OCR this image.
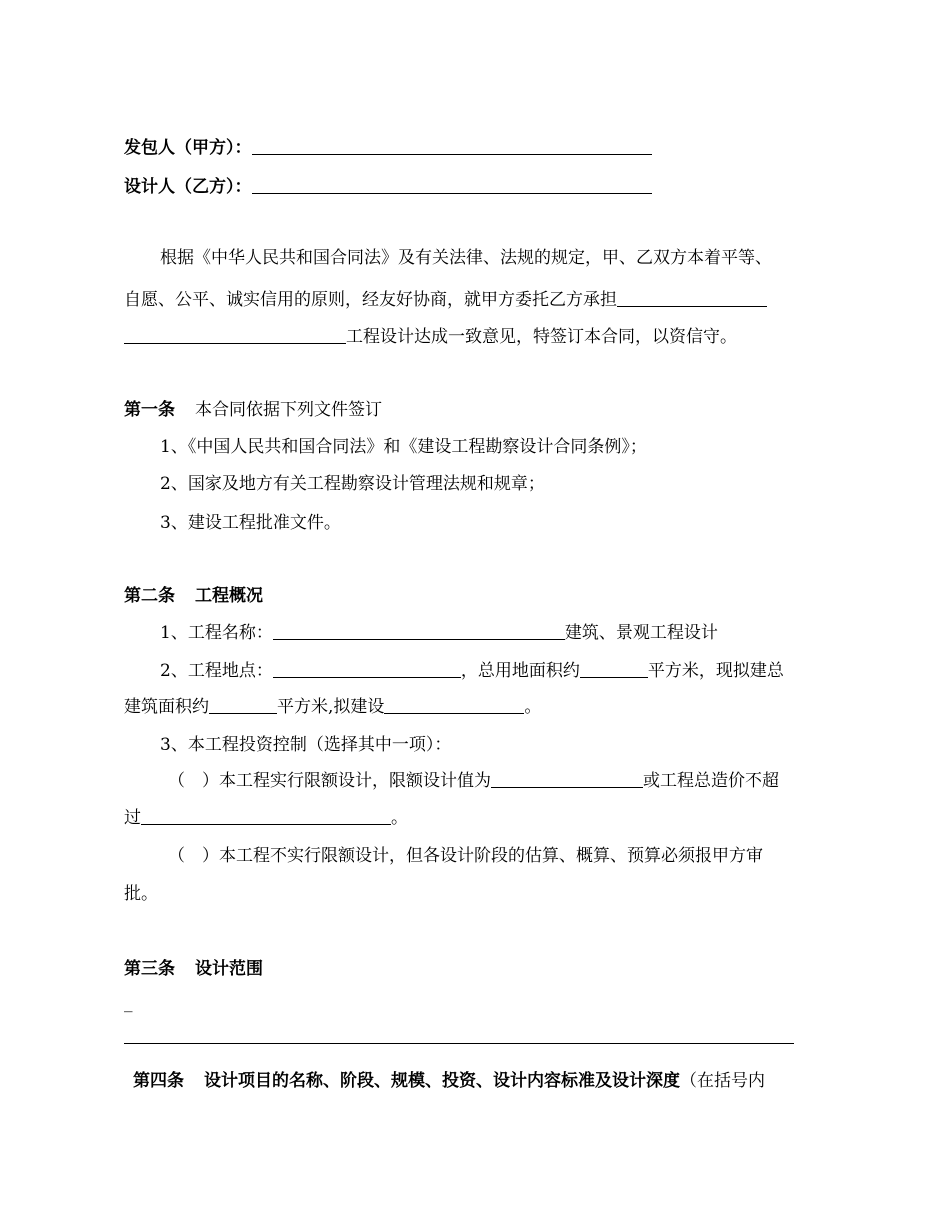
发包人（甲方）：
设计人（乙方）：
根据《中华人民共和国合同法》及有关法律、法规的规定，甲、乙双方本着平等、
自愿、公平、诚实信用的原则，经友好协商，就甲方委托乙方承担
工程设计达成一致意见，特签订本合同，以资信守。
第一条 本合同依据下列文件签订
1、《中国人民共和国合同法》和《建设工程勘察设计合同条例》；
2、国家及地方有关工程勘察设计管理法规和规章；
3、建设工程批准文件。
第二条 工程概况
1、工程名称：	建筑、景观工程设计
2、工程地点：	，总用地面积约	平方米，现拟建总
建筑面积约	平方米,拟建设	。
3、本工程投资控制（选择其中一项）：
（　）本工程实行限额设计，限额设计值为	或工程总造价不超
过	。
（　）本工程不实行限额设计，但各设计阶段的估算、概算、预算必须报甲方审
批。
第三条 设计范围
_
第四条 设计项目的名称、阶段、规模、投资、设计内容标准及设计深度（在括号内
